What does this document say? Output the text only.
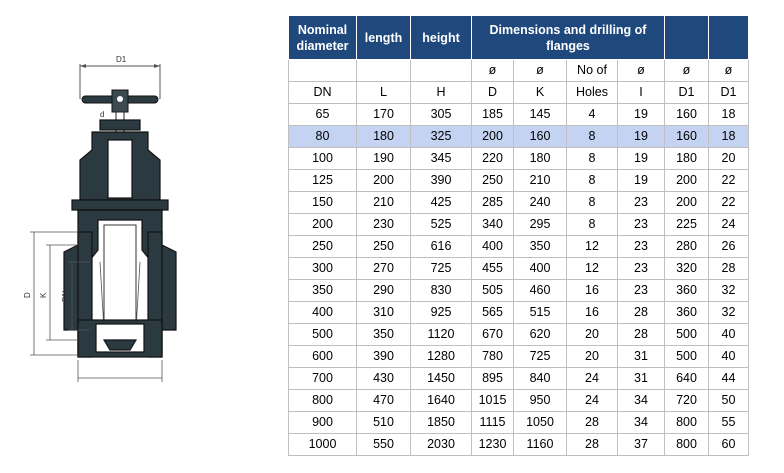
D1
d
D K DN
Nominal diameter	length	height	Dimensions and drilling of flanges					
			ø	ø	No of	ø	ø	ø
DN	L	H	D	K	Holes	I	D1	D1
65	170	305	185	145	4	19	160	18
80	180	325	200	160	8	19	160	18
100	190	345	220	180	8	19	180	20
125	200	390	250	210	8	19	200	22
150	210	425	285	240	8	23	200	22
200	230	525	340	295	8	23	225	24
250	250	616	400	350	12	23	280	26
300	270	725	455	400	12	23	320	28
350	290	830	505	460	16	23	360	32
400	310	925	565	515	16	28	360	32
500	350	1120	670	620	20	28	500	40
600	390	1280	780	725	20	31	500	40
700	430	1450	895	840	24	31	640	44
800	470	1640	1015	950	24	34	720	50
900	510	1850	1115	1050	28	34	800	55
1000	550	2030	1230	1160	28	37	800	60
